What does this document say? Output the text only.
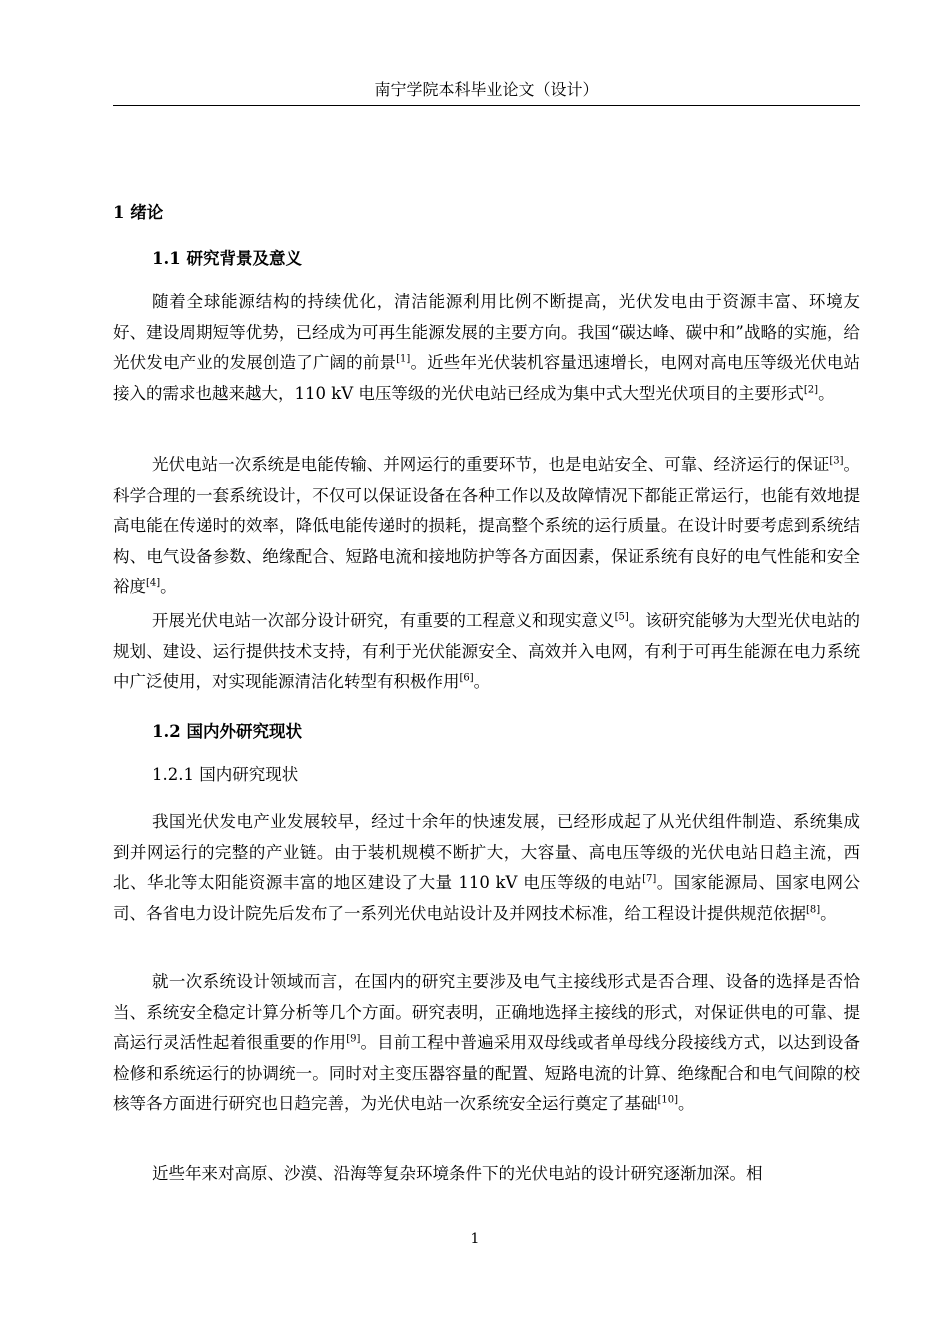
南宁学院本科毕业论文（设计）
1 绪论
1.1 研究背景及意义
随着全球能源结构的持续优化，清洁能源利用比例不断提高，光伏发电由于资源丰富、环境友好、建设周期短等优势，已经成为可再生能源发展的主要方向。我国“碳达峰、碳中和”战略的实施，给光伏发电产业的发展创造了广阔的前景[1]。近些年光伏装机容量迅速增长，电网对高电压等级光伏电站接入的需求也越来越大，110 kV 电压等级的光伏电站已经成为集中式大型光伏项目的主要形式[2]。
光伏电站一次系统是电能传输、并网运行的重要环节，也是电站安全、可靠、经济运行的保证[3]。科学合理的一套系统设计，不仅可以保证设备在各种工作以及故障情况下都能正常运行，也能有效地提高电能在传递时的效率，降低电能传递时的损耗，提高整个系统的运行质量。在设计时要考虑到系统结构、电气设备参数、绝缘配合、短路电流和接地防护等各方面因素，保证系统有良好的电气性能和安全裕度[4]。
开展光伏电站一次部分设计研究，有重要的工程意义和现实意义[5]。该研究能够为大型光伏电站的规划、建设、运行提供技术支持，有利于光伏能源安全、高效并入电网，有利于可再生能源在电力系统中广泛使用，对实现能源清洁化转型有积极作用[6]。
1.2 国内外研究现状
1.2.1 国内研究现状
我国光伏发电产业发展较早，经过十余年的快速发展，已经形成起了从光伏组件制造、系统集成到并网运行的完整的产业链。由于装机规模不断扩大，大容量、高电压等级的光伏电站日趋主流，西北、华北等太阳能资源丰富的地区建设了大量 110 kV 电压等级的电站[7]。国家能源局、国家电网公司、各省电力设计院先后发布了一系列光伏电站设计及并网技术标准，给工程设计提供规范依据[8]。
就一次系统设计领域而言，在国内的研究主要涉及电气主接线形式是否合理、设备的选择是否恰当、系统安全稳定计算分析等几个方面。研究表明，正确地选择主接线的形式，对保证供电的可靠、提高运行灵活性起着很重要的作用[9]。目前工程中普遍采用双母线或者单母线分段接线方式，以达到设备检修和系统运行的协调统一。同时对主变压器容量的配置、短路电流的计算、绝缘配合和电气间隙的校核等各方面进行研究也日趋完善，为光伏电站一次系统安全运行奠定了基础[10]。
近些年来对高原、沙漠、沿海等复杂环境条件下的光伏电站的设计研究逐渐加深。相
1
